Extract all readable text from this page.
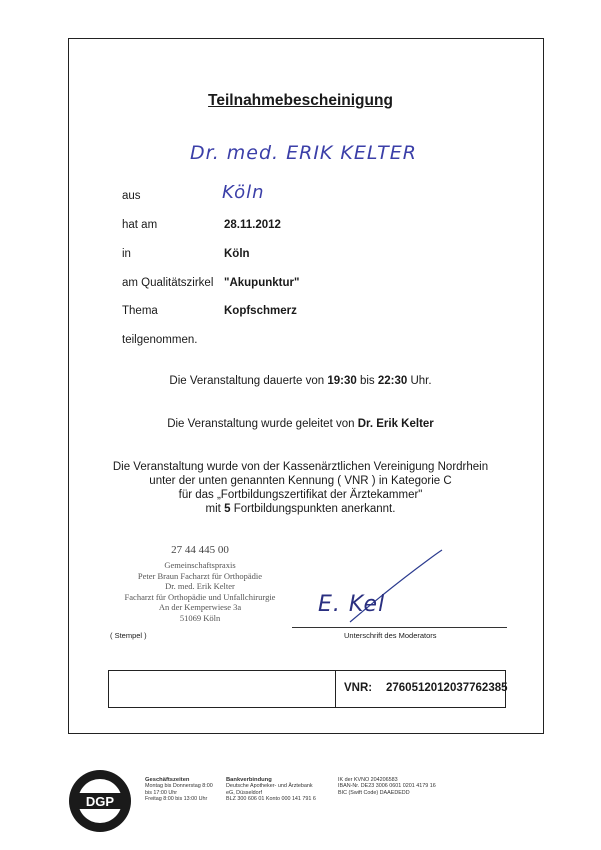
Teilnahmebescheinigung
Dr. med. ERIK KELTER
aus	Köln
hat am	28.11.2012
in	Köln
am Qualitätszirkel "Akupunktur"
Thema	Kopfschmerz
teilgenommen.
Die Veranstaltung dauerte von 19:30 bis 22:30 Uhr.
Die Veranstaltung wurde geleitet von Dr. Erik Kelter
Die Veranstaltung wurde von der Kassenärztlichen Vereinigung Nordrhein
unter der unten genannten Kennung ( VNR ) in Kategorie C
für das „Fortbildungszertifikat der Ärztekammer"
mit 5 Fortbildungspunkten anerkannt.
27 44 445 00
Gemeinschaftspraxis
Peter Braun Facharzt für Orthopädie
Dr. med. Erik Kelter
Facharzt für Orthopädie und Unfallchirurgie
An der Kemperwiese 3a
51069 Köln
( Stempel )
E. Kel
Unterschrift des Moderators
VNR: 2760512012037762385
DGP
Geschäftszeiten
Montag bis Donnerstag 8:00
bis 17:00 Uhr
Freitag 8:00 bis 13:00 Uhr
Bankverbindung
Deutsche Apotheker- und Ärztebank
eG, Düsseldorf
BLZ 300 606 01 Konto 000 141 791 6
IK der KVNO 204206583
IBAN-Nr. DE23 3006 0601 0201 4179 16
BIC (Swift Code) DAAEDEDD
